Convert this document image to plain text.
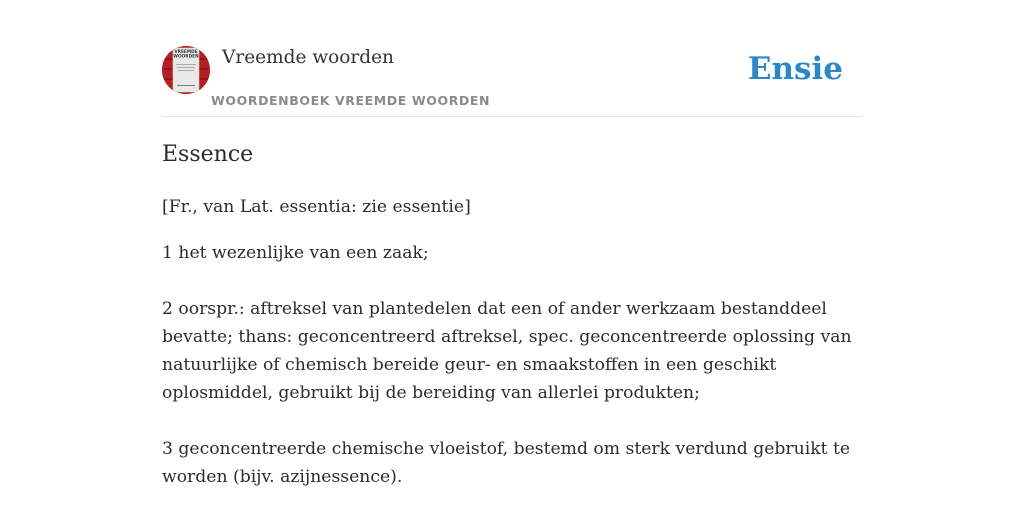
VREEMDE
WOORDEN Vreemde woorden
WOORDENBOEK VREEMDE WOORDEN
Ensie
Essence
[Fr., van Lat. essentia: zie essentie]

1 het wezenlijke van een zaak;

2 oorspr.: aftreksel van plantedelen dat een of ander werkzaam bestanddeel bevatte; thans: geconcentreerd aftreksel, spec. geconcentreerde oplossing van natuurlijke of chemisch bereide geur- en smaakstoffen in een geschikt oplosmiddel, gebruikt bij de bereiding van allerlei produkten;

3 geconcentreerde chemische vloeistof, bestemd om sterk verdund gebruikt te worden (bijv. azijnessence).
